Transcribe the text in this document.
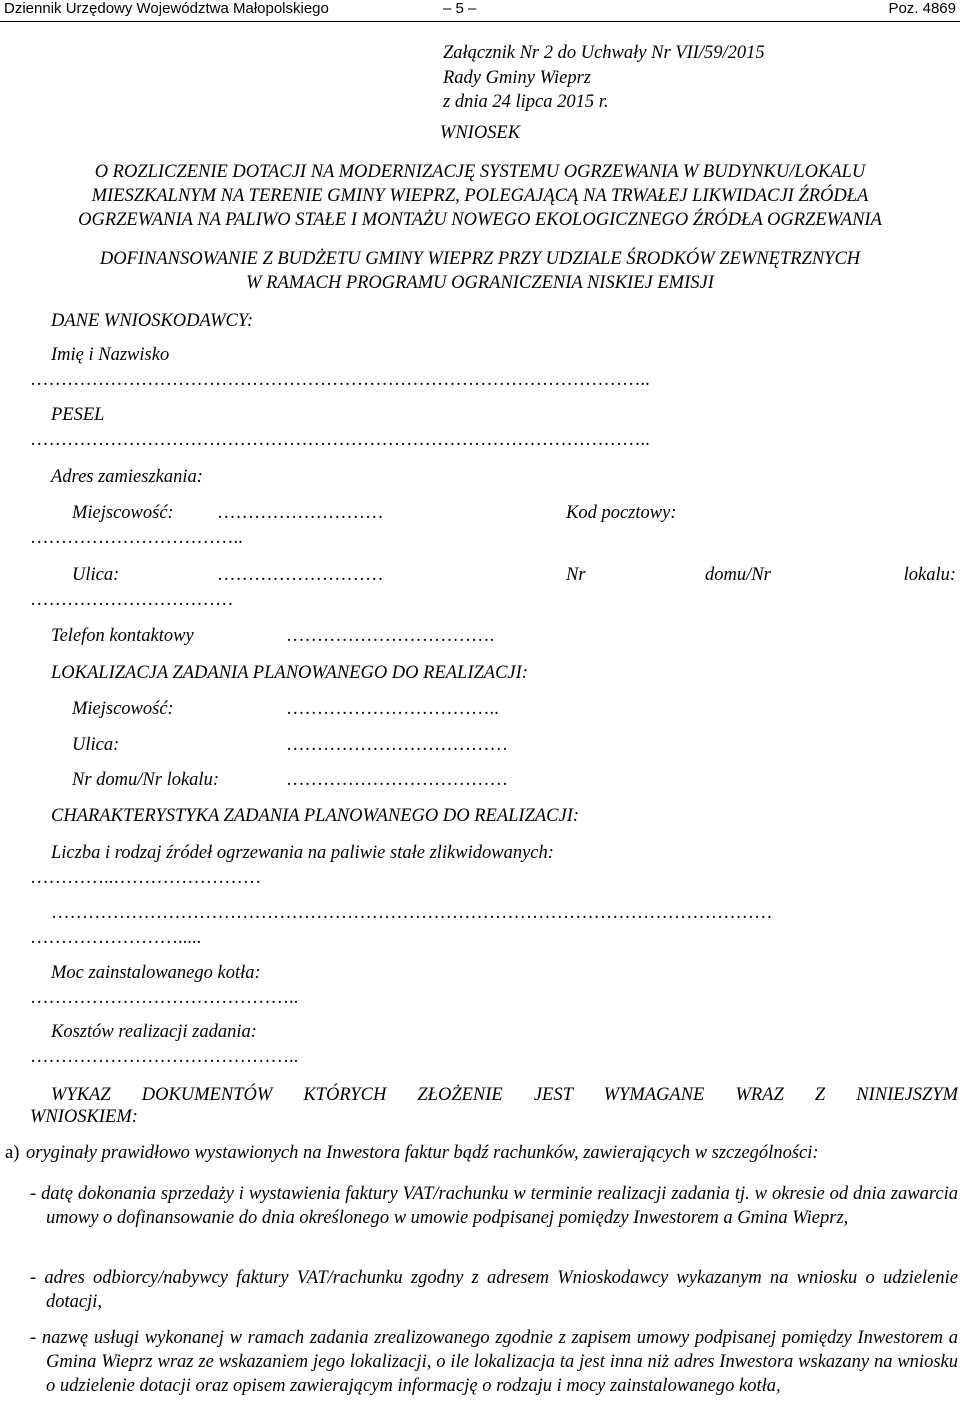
Dziennik Urzędowy Województwa Małopolskiego	– 5 –	Poz. 4869
Załącznik Nr 2 do Uchwały Nr VII/59/2015
Rady Gminy Wieprz
z dnia 24 lipca 2015 r.
WNIOSEK
O ROZLICZENIE DOTACJI NA MODERNIZACJĘ SYSTEMU OGRZEWANIA W BUDYNKU/LOKALU
MIESZKALNYM NA TERENIE GMINY WIEPRZ, POLEGAJĄCĄ NA TRWAŁEJ LIKWIDACJI ŹRÓDŁA
OGRZEWANIA NA PALIWO STAŁE I MONTAŻU NOWEGO EKOLOGICZNEGO ŹRÓDŁA OGRZEWANIA
DOFINANSOWANIE Z BUDŻETU GMINY WIEPRZ PRZY UDZIALE ŚRODKÓW ZEWNĘTRZNYCH
W RAMACH PROGRAMU OGRANICZENIA NISKIEJ EMISJI
DANE WNIOSKODAWCY:
Imię i Nazwisko
………………………………………………………………………………………..
PESEL
………………………………………………………………………………………..
Adres zamieszkania:
Miejscowość: ………………………	Kod pocztowy:
……………………………..
Ulica:	………………………	Nr	domu/Nr	lokalu:
……………………………
Telefon kontaktowy	…………………………….
LOKALIZACJA ZADANIA PLANOWANEGO DO REALIZACJI:
Miejscowość:	……………………………..
Ulica:	………………………………
Nr domu/Nr lokalu:	………………………………
CHARAKTERYSTYKA ZADANIA PLANOWANEGO DO REALIZACJI:
Liczba i rodzaj źródeł ogrzewania na paliwie stałe zlikwidowanych:
…………..……………………
………………………………………………………………………………………………………
…………………….....
Moc zainstalowanego kotła:
……………………………………..
Kosztów realizacji zadania:
……………………………………..
WYKAZ DOKUMENTÓW KTÓRYCH ZŁOŻENIE JEST WYMAGANE WRAZ Z NINIEJSZYM
WNIOSKIEM:
a) oryginały prawidłowo wystawionych na Inwestora faktur bądź rachunków, zawierających w szczególności:
- datę dokonania sprzedaży i wystawienia faktury VAT/rachunku w terminie realizacji zadania tj. w okresie od dnia zawarcia umowy o dofinansowanie do dnia określonego w umowie podpisanej pomiędzy Inwestorem a Gmina Wieprz,
- adres odbiorcy/nabywcy faktury VAT/rachunku zgodny z adresem Wnioskodawcy wykazanym na wniosku o udzielenie dotacji,
- nazwę usługi wykonanej w ramach zadania zrealizowanego zgodnie z zapisem umowy podpisanej pomiędzy Inwestorem a Gmina Wieprz wraz ze wskazaniem jego lokalizacji, o ile lokalizacja ta jest inna niż adres Inwestora wskazany na wniosku o udzielenie dotacji oraz opisem zawierającym informację o rodzaju i mocy zainstalowanego kotła,
